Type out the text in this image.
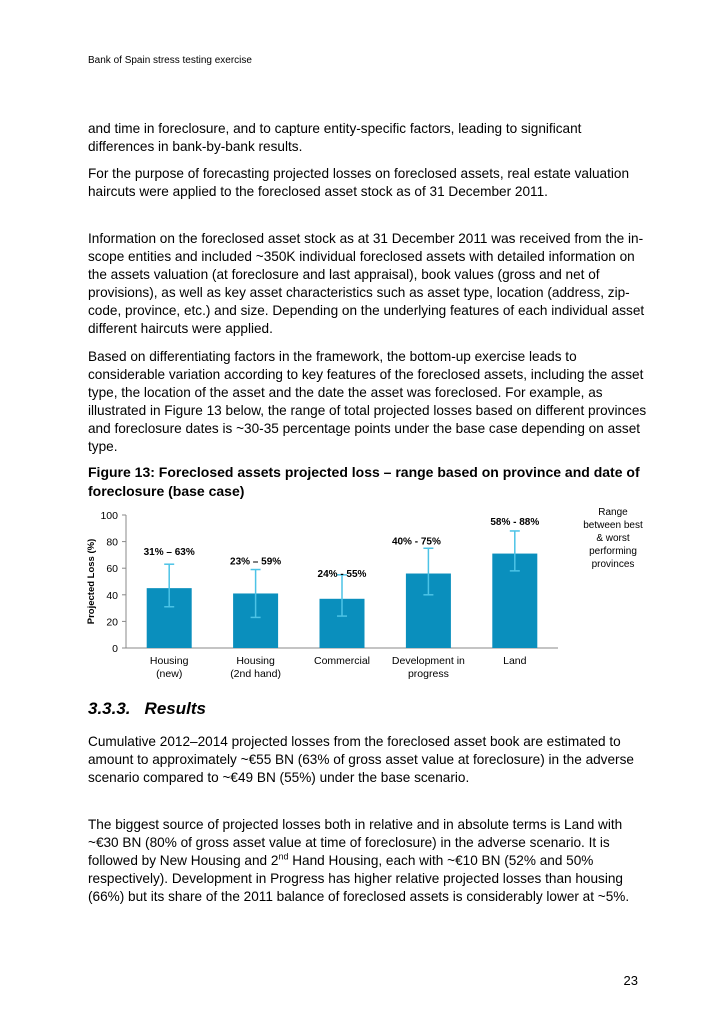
Bank of Spain stress testing exercise

and time in foreclosure, and to capture entity-specific factors, leading to significant differences in bank-by-bank results.

For the purpose of forecasting projected losses on foreclosed assets, real estate valuation haircuts were applied to the foreclosed asset stock as of 31 December 2011.

Information on the foreclosed asset stock as at 31 December 2011 was received from the in-scope entities and included ~350K individual foreclosed assets with detailed information on the assets valuation (at foreclosure and last appraisal), book values (gross and net of provisions), as well as key asset characteristics such as asset type, location (address, zip-code, province, etc.) and size. Depending on the underlying features of each individual asset different haircuts were applied.

Based on differentiating factors in the framework, the bottom-up exercise leads to considerable variation according to key features of the foreclosed assets, including the asset type, the location of the asset and the date the asset was foreclosed. For example, as illustrated in Figure 13 below, the range of total projected losses based on different provinces and foreclosure dates is ~30-35 percentage points under the base case depending on asset type.

Figure 13: Foreclosed assets projected loss – range based on province and date of foreclosure (base case)

0
20
40
60
80
100
Projected Loss (%)	31% – 63%
Housing
(new)
23% – 59%
Housing
(2nd hand)
24% - 55%
Commercial
40% - 75%
Development in
progress
58% - 88%
Land
Range
between best
& worst
performing
provinces
3.3.3. Results

Cumulative 2012–2014 projected losses from the foreclosed asset book are estimated to amount to approximately ~€55 BN (63% of gross asset value at foreclosure) in the adverse scenario compared to ~€49 BN (55%) under the base scenario.

The biggest source of projected losses both in relative and in absolute terms is Land with ~€30 BN (80% of gross asset value at time of foreclosure) in the adverse scenario. It is followed by New Housing and 2nd Hand Housing, each with ~€10 BN (52% and 50% respectively). Development in Progress has higher relative projected losses than housing (66%) but its share of the 2011 balance of foreclosed assets is considerably lower at ~5%.

23
